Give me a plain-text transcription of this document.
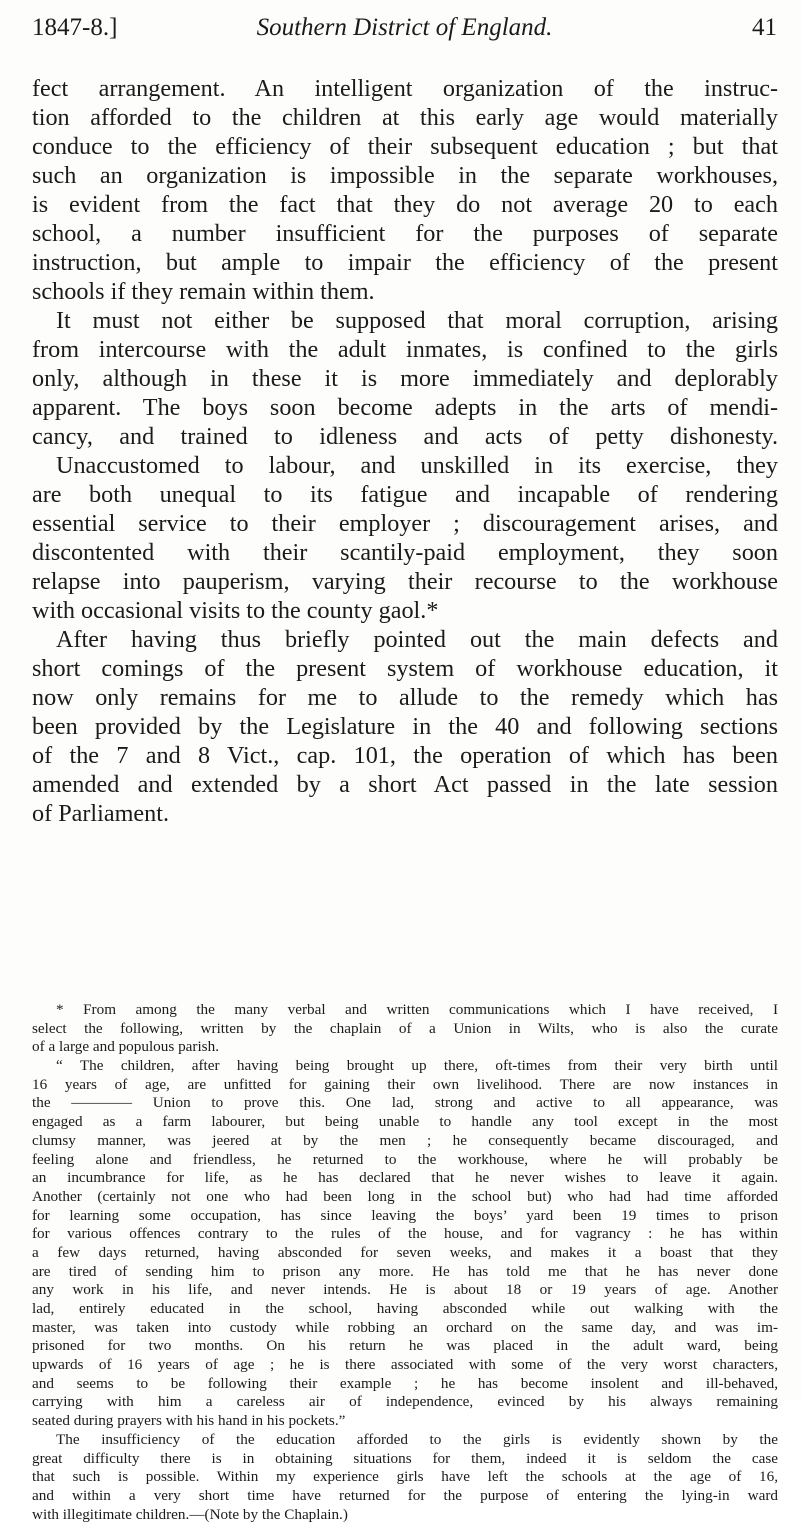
1847-8.]	Southern District of England.	41
fect arrangement. An intelligent organization of the instruc-
tion afforded to the children at this early age would materially
conduce to the efficiency of their subsequent education ; but that
such an organization is impossible in the separate workhouses,
is evident from the fact that they do not average 20 to each
school, a number insufficient for the purposes of separate
instruction, but ample to impair the efficiency of the present
schools if they remain within them.
It must not either be supposed that moral corruption, arising
from intercourse with the adult inmates, is confined to the girls
only, although in these it is more immediately and deplorably
apparent. The boys soon become adepts in the arts of mendi-
cancy, and trained to idleness and acts of petty dishonesty.
Unaccustomed to labour, and unskilled in its exercise, they
are both unequal to its fatigue and incapable of rendering
essential service to their employer ; discouragement arises, and
discontented with their scantily-paid employment, they soon
relapse into pauperism, varying their recourse to the workhouse
with occasional visits to the county gaol.*
After having thus briefly pointed out the main defects and
short comings of the present system of workhouse education, it
now only remains for me to allude to the remedy which has
been provided by the Legislature in the 40 and following sections
of the 7 and 8 Vict., cap. 101, the operation of which has been
amended and extended by a short Act passed in the late session
of Parliament.
* From among the many verbal and written communications which I have received, I
select the following, written by the chaplain of a Union in Wilts, who is also the curate
of a large and populous parish.
“ The children, after having being brought up there, oft-times from their very birth until
16 years of age, are unfitted for gaining their own livelihood. There are now instances in
the ———— Union to prove this. One lad, strong and active to all appearance, was
engaged as a farm labourer, but being unable to handle any tool except in the most
clumsy manner, was jeered at by the men ; he consequently became discouraged, and
feeling alone and friendless, he returned to the workhouse, where he will probably be
an incumbrance for life, as he has declared that he never wishes to leave it again.
Another (certainly not one who had been long in the school but) who had had time afforded
for learning some occupation, has since leaving the boys’ yard been 19 times to prison
for various offences contrary to the rules of the house, and for vagrancy : he has within
a few days returned, having absconded for seven weeks, and makes it a boast that they
are tired of sending him to prison any more. He has told me that he has never done
any work in his life, and never intends. He is about 18 or 19 years of age. Another
lad, entirely educated in the school, having absconded while out walking with the
master, was taken into custody while robbing an orchard on the same day, and was im-
prisoned for two months. On his return he was placed in the adult ward, being
upwards of 16 years of age ; he is there associated with some of the very worst characters,
and seems to be following their example ; he has become insolent and ill-behaved,
carrying with him a careless air of independence, evinced by his always remaining
seated during prayers with his hand in his pockets.”
The insufficiency of the education afforded to the girls is evidently shown by the
great difficulty there is in obtaining situations for them, indeed it is seldom the case
that such is possible. Within my experience girls have left the schools at the age of 16,
and within a very short time have returned for the purpose of entering the lying-in ward
with illegitimate children.—(Note by the Chaplain.)
